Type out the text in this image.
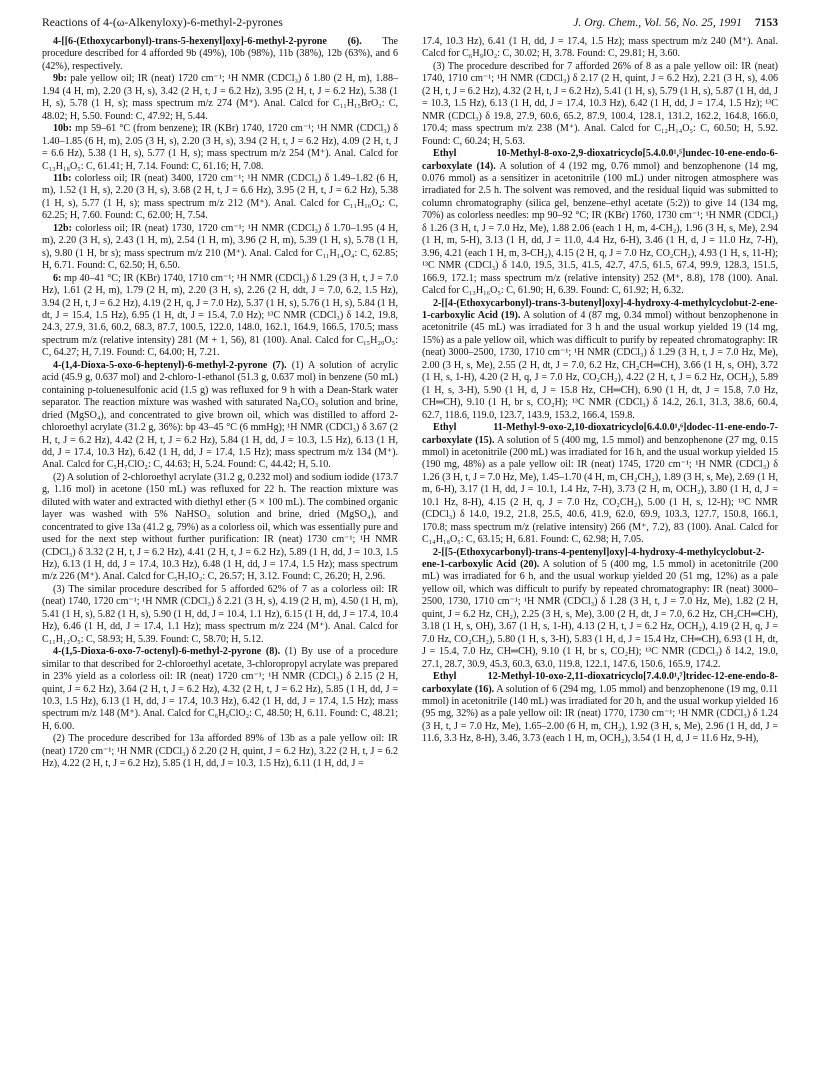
Reactions of 4-(ω-Alkenyloxy)-6-methyl-2-pyrones	J. Org. Chem., Vol. 56, No. 25, 1991 7153

4-[[6-(Ethoxycarbonyl)-trans-5-hexenyl]oxy]-6-methyl-2-pyrone (6). The procedure described for 4 afforded 9b (49%), 10b (98%), 11b (38%), 12b (63%), and 6 (42%), respectively.

9b: pale yellow oil; IR (neat) 1720 cm⁻¹; ¹H NMR (CDCl₃) δ 1.80 (2 H, m), 1.88–1.94 (4 H, m), 2.20 (3 H, s), 3.42 (2 H, t, J = 6.2 Hz), 3.95 (2 H, t, J = 6.2 Hz), 5.38 (1 H, s), 5.78 (1 H, s); mass spectrum m/z 274 (M⁺). Anal. Calcd for C₁₁H₁₅BrO₃: C, 48.02; H, 5.50. Found: C, 47.92; H, 5.44.

10b: mp 59–61 °C (from benzene); IR (KBr) 1740, 1720 cm⁻¹; ¹H NMR (CDCl₃) δ 1.40–1.85 (6 H, m), 2.05 (3 H, s), 2.20 (3 H, s), 3.94 (2 H, t, J = 6.2 Hz), 4.09 (2 H, t, J = 6.6 Hz), 5.38 (1 H, s), 5.77 (1 H, s); mass spectrum m/z 254 (M⁺). Anal. Calcd for C₁₃H₁₈O₅: C, 61.41; H, 7.14. Found: C, 61.16; H, 7.08.

11b: colorless oil; IR (neat) 3400, 1720 cm⁻¹; ¹H NMR (CDCl₃) δ 1.49–1.82 (6 H, m), 1.52 (1 H, s), 2.20 (3 H, s), 3.68 (2 H, t, J = 6.6 Hz), 3.95 (2 H, t, J = 6.2 Hz), 5.38 (1 H, s), 5.77 (1 H, s); mass spectrum m/z 212 (M⁺). Anal. Calcd for C₁₁H₁₆O₄: C, 62.25; H, 7.60. Found: C, 62.00; H, 7.54.

12b: colorless oil; IR (neat) 1730, 1720 cm⁻¹; ¹H NMR (CDCl₃) δ 1.70–1.95 (4 H, m), 2.20 (3 H, s), 2.43 (1 H, m), 2.54 (1 H, m), 3.96 (2 H, m), 5.39 (1 H, s), 5.78 (1 H, s), 9.80 (1 H, br s); mass spectrum m/z 210 (M⁺). Anal. Calcd for C₁₁H₁₄O₄: C, 62.85; H, 6.71. Found: C, 62.50; H, 6.50.

6: mp 40–41 °C; IR (KBr) 1740, 1710 cm⁻¹; ¹H NMR (CDCl₃) δ 1.29 (3 H, t, J = 7.0 Hz), 1.61 (2 H, m), 1.79 (2 H, m), 2.20 (3 H, s), 2.26 (2 H, ddt, J = 7.0, 6.2, 1.5 Hz), 3.94 (2 H, t, J = 6.2 Hz), 4.19 (2 H, q, J = 7.0 Hz), 5.37 (1 H, s), 5.76 (1 H, s), 5.84 (1 H, dt, J = 15.4, 1.5 Hz), 6.95 (1 H, dt, J = 15.4, 7.0 Hz); ¹³C NMR (CDCl₃) δ 14.2, 19.8, 24.3, 27.9, 31.6, 60.2, 68.3, 87.7, 100.5, 122.0, 148.0, 162.1, 164.9, 166.5, 170.5; mass spectrum m/z (relative intensity) 281 (M + 1, 56), 81 (100). Anal. Calcd for C₁₅H₂₀O₅: C, 64.27; H, 7.19. Found: C, 64.00; H, 7.21.

4-(1,4-Dioxa-5-oxo-6-heptenyl)-6-methyl-2-pyrone (7). (1) A solution of acrylic acid (45.9 g, 0.637 mol) and 2-chloro-1-ethanol (51.3 g, 0.637 mol) in benzene (50 mL) containing p-toluenesulfonic acid (1.5 g) was refluxed for 9 h with a Dean-Stark water separator. The reaction mixture was washed with saturated Na₂CO₃ solution and brine, dried (MgSO₄), and concentrated to give brown oil, which was distilled to afford 2-chloroethyl acrylate (31.2 g, 36%): bp 43–45 °C (6 mmHg); ¹H NMR (CDCl₃) δ 3.67 (2 H, t, J = 6.2 Hz), 4.42 (2 H, t, J = 6.2 Hz), 5.84 (1 H, dd, J = 10.3, 1.5 Hz), 6.13 (1 H, dd, J = 17.4, 10.3 Hz), 6.42 (1 H, dd, J = 17.4, 1.5 Hz); mass spectrum m/z 134 (M⁺). Anal. Calcd for C₅H₇ClO₂: C, 44.63; H, 5.24. Found: C, 44.42; H, 5.10.

(2) A solution of 2-chloroethyl acrylate (31.2 g, 0.232 mol) and sodium iodide (173.7 g, 1.16 mol) in acetone (150 mL) was refluxed for 22 h. The reaction mixture was diluted with water and extracted with diethyl ether (5 × 100 mL). The combined organic layer was washed with 5% NaHSO₃ solution and brine, dried (MgSO₄), and concentrated to give 13a (41.2 g, 79%) as a colorless oil, which was essentially pure and used for the next step without further purification: IR (neat) 1730 cm⁻¹; ¹H NMR (CDCl₃) δ 3.32 (2 H, t, J = 6.2 Hz), 4.41 (2 H, t, J = 6.2 Hz), 5.89 (1 H, dd, J = 10.3, 1.5 Hz), 6.13 (1 H, dd, J = 17.4, 10.3 Hz), 6.48 (1 H, dd, J = 17.4, 1.5 Hz); mass spectrum m/z 226 (M⁺). Anal. Calcd for C₅H₇IO₂: C, 26.57; H, 3.12. Found: C, 26.20; H, 2.96.

(3) The similar procedure described for 5 afforded 62% of 7 as a colorless oil: IR (neat) 1740, 1720 cm⁻¹; ¹H NMR (CDCl₃) δ 2.21 (3 H, s), 4.19 (2 H, m), 4.50 (1 H, m), 5.41 (1 H, s), 5.82 (1 H, s), 5.90 (1 H, dd, J = 10.4, 1.1 Hz), 6.15 (1 H, dd, J = 17.4, 10.4 Hz), 6.46 (1 H, dd, J = 17.4, 1.1 Hz); mass spectrum m/z 224 (M⁺). Anal. Calcd for C₁₁H₁₂O₅: C, 58.93; H, 5.39. Found: C, 58.70; H, 5.12.

4-(1,5-Dioxa-6-oxo-7-octenyl)-6-methyl-2-pyrone (8). (1) By use of a procedure similar to that described for 2-chloroethyl acetate, 3-chloropropyl acrylate was prepared in 23% yield as a colorless oil: IR (neat) 1720 cm⁻¹; ¹H NMR (CDCl₃) δ 2.15 (2 H, quint, J = 6.2 Hz), 3.64 (2 H, t, J = 6.2 Hz), 4.32 (2 H, t, J = 6.2 Hz), 5.85 (1 H, dd, J = 10.3, 1.5 Hz), 6.13 (1 H, dd, J = 17.4, 10.3 Hz), 6.42 (1 H, dd, J = 17.4, 1.5 Hz); mass spectrum m/z 148 (M⁺). Anal. Calcd for C₆H₉ClO₂: C, 48.50; H, 6.11. Found: C, 48.21; H, 6.00.

(2) The procedure described for 13a afforded 89% of 13b as a pale yellow oil: IR (neat) 1720 cm⁻¹; ¹H NMR (CDCl₃) δ 2.20 (2 H, quint, J = 6.2 Hz), 3.22 (2 H, t, J = 6.2 Hz), 4.22 (2 H, t, J = 6.2 Hz), 5.85 (1 H, dd, J = 10.3, 1.5 Hz), 6.11 (1 H, dd, J =

17.4, 10.3 Hz), 6.41 (1 H, dd, J = 17.4, 1.5 Hz); mass spectrum m/z 240 (M⁺). Anal. Calcd for C₆H₉IO₂: C, 30.02; H, 3.78. Found: C, 29.81; H, 3.60.

(3) The procedure described for 7 afforded 26% of 8 as a pale yellow oil: IR (neat) 1740, 1710 cm⁻¹; ¹H NMR (CDCl₃) δ 2.17 (2 H, quint, J = 6.2 Hz), 2.21 (3 H, s), 4.06 (2 H, t, J = 6.2 Hz), 4.32 (2 H, t, J = 6.2 Hz), 5.41 (1 H, s), 5.79 (1 H, s), 5.87 (1 H, dd, J = 10.3, 1.5 Hz), 6.13 (1 H, dd, J = 17.4, 10.3 Hz), 6.42 (1 H, dd, J = 17.4, 1.5 Hz); ¹³C NMR (CDCl₃) δ 19.8, 27.9, 60.6, 65.2, 87.9, 100.4, 128.1, 131.2, 162.2, 164.8, 166.0, 170.4; mass spectrum m/z 238 (M⁺). Anal. Calcd for C₁₂H₁₄O₅: C, 60.50; H, 5.92. Found: C, 60.24; H, 5.63.

Ethyl 10-Methyl-8-oxo-2,9-dioxatricyclo[5.4.0.0¹,⁵]undec-10-ene-endo-6-carboxylate (14). A solution of 4 (192 mg, 0.76 mmol) and benzophenone (14 mg, 0.076 mmol) as a sensitizer in acetonitrile (100 mL) under nitrogen atmosphere was irradiated for 2.5 h. The solvent was removed, and the residual liquid was submitted to column chromatography (silica gel, benzene–ethyl acetate (5:2)) to give 14 (134 mg, 70%) as colorless needles: mp 90–92 °C; IR (KBr) 1760, 1730 cm⁻¹; ¹H NMR (CDCl₃) δ 1.26 (3 H, t, J = 7.0 Hz, Me), 1.88 2.06 (each 1 H, m, 4-CH₂), 1.96 (3 H, s, Me), 2.94 (1 H, m, 5-H), 3.13 (1 H, dd, J = 11.0, 4.4 Hz, 6-H), 3.46 (1 H, d, J = 11.0 Hz, 7-H), 3.96, 4.21 (each 1 H, m, 3-CH₂), 4.15 (2 H, q, J = 7.0 Hz, CO₂CH₂), 4.93 (1 H, s, 11-H); ¹³C NMR (CDCl₃) δ 14.0, 19.5, 31.5, 41.5, 42.7, 47.5, 61.5, 67.4, 99.9, 128.3, 151.5, 166.9, 172.1; mass spectrum m/z (relative intensity) 252 (M⁺, 8.8), 178 (100). Anal. Calcd for C₁₃H₁₆O₅: C, 61.90; H, 6.39. Found: C, 61.92; H, 6.32.

2-[[4-(Ethoxycarbonyl)-trans-3-butenyl]oxy]-4-hydroxy-4-methylcyclobut-2-ene-1-carboxylic Acid (19). A solution of 4 (87 mg, 0.34 mmol) without benzophenone in acetonitrile (45 mL) was irradiated for 3 h and the usual workup yielded 19 (14 mg, 15%) as a pale yellow oil, which was difficult to purify by repeated chromatography: IR (neat) 3000–2500, 1730, 1710 cm⁻¹; ¹H NMR (CDCl₃) δ 1.29 (3 H, t, J = 7.0 Hz, Me), 2.00 (3 H, s, Me), 2.55 (2 H, dt, J = 7.0, 6.2 Hz, CH₂CH═CH), 3.66 (1 H, s, OH), 3.72 (1 H, s, 1-H), 4.20 (2 H, q, J = 7.0 Hz, CO₂CH₂), 4.22 (2 H, t, J = 6.2 Hz, OCH₂), 5.89 (1 H, s, 3-H), 5.90 (1 H, d, J = 15.8 Hz, CH═CH), 6.90 (1 H, dt, J = 15.8, 7.0 Hz, CH═CH), 9.10 (1 H, br s, CO₂H); ¹³C NMR (CDCl₃) δ 14.2, 26.1, 31.3, 38.6, 60.4, 62.7, 118.6, 119.0, 123.7, 143.9, 153.2, 166.4, 159.8.

Ethyl 11-Methyl-9-oxo-2,10-dioxatricyclo[6.4.0.0¹,⁶]dodec-11-ene-endo-7-carboxylate (15). A solution of 5 (400 mg, 1.5 mmol) and benzophenone (27 mg, 0.15 mmol) in acetonitrile (200 mL) was irradiated for 16 h, and the usual workup yielded 15 (190 mg, 48%) as a pale yellow oil: IR (neat) 1745, 1720 cm⁻¹; ¹H NMR (CDCl₃) δ 1.26 (3 H, t, J = 7.0 Hz, Me), 1.45–1.70 (4 H, m, CH₂CH₂), 1.89 (3 H, s, Me), 2.69 (1 H, m, 6-H), 3.17 (1 H, dd, J = 10.1, 1.4 Hz, 7-H), 3.73 (2 H, m, OCH₂), 3.80 (1 H, d, J = 10.1 Hz, 8-H), 4.15 (2 H, q, J = 7.0 Hz, CO₂CH₂), 5.00 (1 H, s, 12-H); ¹³C NMR (CDCl₃) δ 14.0, 19.2, 21.8, 25.5, 40.6, 41.9, 62.0, 69.9, 103.3, 127.7, 150.8, 166.1, 170.8; mass spectrum m/z (relative intensity) 266 (M⁺, 7.2), 83 (100). Anal. Calcd for C₁₄H₁₈O₅: C, 63.15; H, 6.81. Found: C, 62.98; H, 7.05.

2-[[5-(Ethoxycarbonyl)-trans-4-pentenyl]oxy]-4-hydroxy-4-methylcyclobut-2-ene-1-carboxylic Acid (20). A solution of 5 (400 mg, 1.5 mmol) in acetonitrile (200 mL) was irradiated for 6 h, and the usual workup yielded 20 (51 mg, 12%) as a pale yellow oil, which was difficult to purify by repeated chromatography: IR (neat) 3000–2500, 1730, 1710 cm⁻¹; ¹H NMR (CDCl₃) δ 1.28 (3 H, t, J = 7.0 Hz, Me), 1.82 (2 H, quint, J = 6.2 Hz, CH₂), 2.25 (3 H, s, Me), 3.00 (2 H, dt, J = 7.0, 6.2 Hz, CH₂CH═CH), 3.18 (1 H, s, OH), 3.67 (1 H, s, 1-H), 4.13 (2 H, t, J = 6.2 Hz, OCH₂), 4.19 (2 H, q, J = 7.0 Hz, CO₂CH₂), 5.80 (1 H, s, 3-H), 5.83 (1 H, d, J = 15.4 Hz, CH═CH), 6.93 (1 H, dt, J = 15.4, 7.0 Hz, CH═CH), 9.10 (1 H, br s, CO₂H); ¹³C NMR (CDCl₃) δ 14.2, 19.0, 27.1, 28.7, 30.9, 45.3, 60.3, 63.0, 119.8, 122.1, 147.6, 150.6, 165.9, 174.2.

Ethyl 12-Methyl-10-oxo-2,11-dioxatricyclo[7.4.0.0¹,⁷]tridec-12-ene-endo-8-carboxylate (16). A solution of 6 (294 mg, 1.05 mmol) and benzophenone (19 mg, 0.11 mmol) in acetonitrile (140 mL) was irradiated for 20 h, and the usual workup yielded 16 (95 mg, 32%) as a pale yellow oil: IR (neat) 1770, 1730 cm⁻¹; ¹H NMR (CDCl₃) δ 1.24 (3 H, t, J = 7.0 Hz, Me), 1.65–2.00 (6 H, m, CH₂), 1.92 (3 H, s, Me), 2.96 (1 H, dd, J = 11.6, 3.3 Hz, 8-H), 3.46, 3.73 (each 1 H, m, OCH₂), 3.54 (1 H, d, J = 11.6 Hz, 9-H),
